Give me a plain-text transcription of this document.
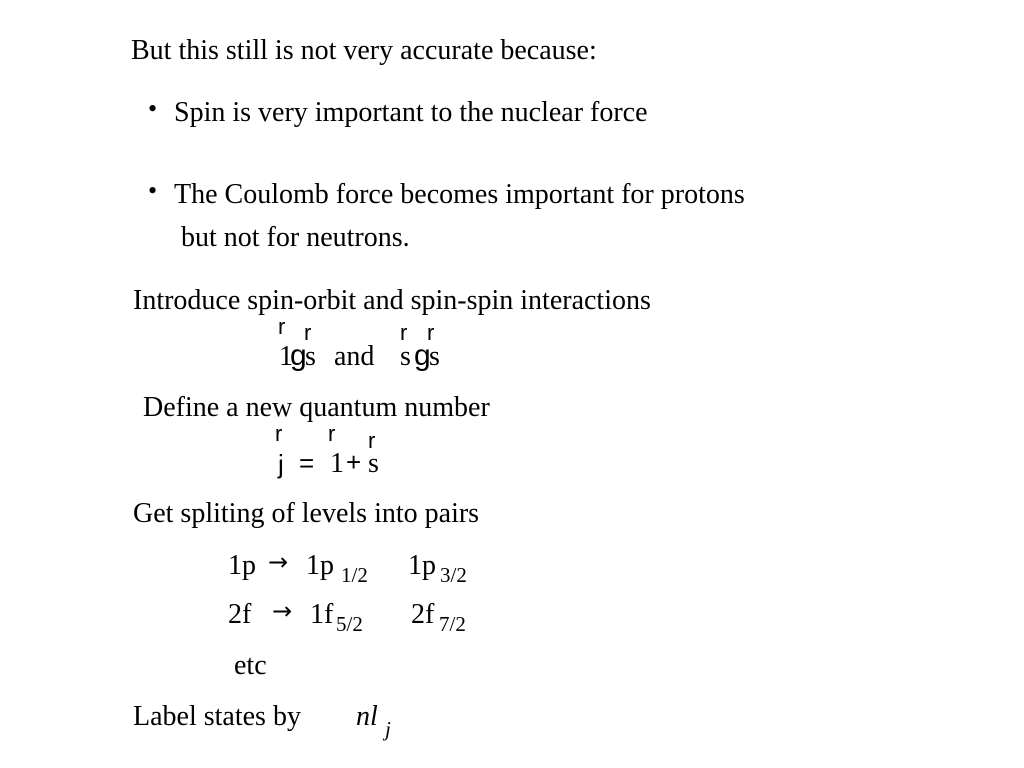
But this still is not very accurate because:
• Spin is very important to the nuclear force
• The Coulomb force becomes important for protons
but not for neutrons.
Introduce spin-orbit and spin-spin interactions
r r	r r
1
g
s and s g
s
Define a new quantum number
r r r
j = 1 + s
Get spliting of levels into pairs
1p → 1p 1/2 1p 3/2
2f → 1f 5/2 2f 7/2
etc
Label states by nl j
